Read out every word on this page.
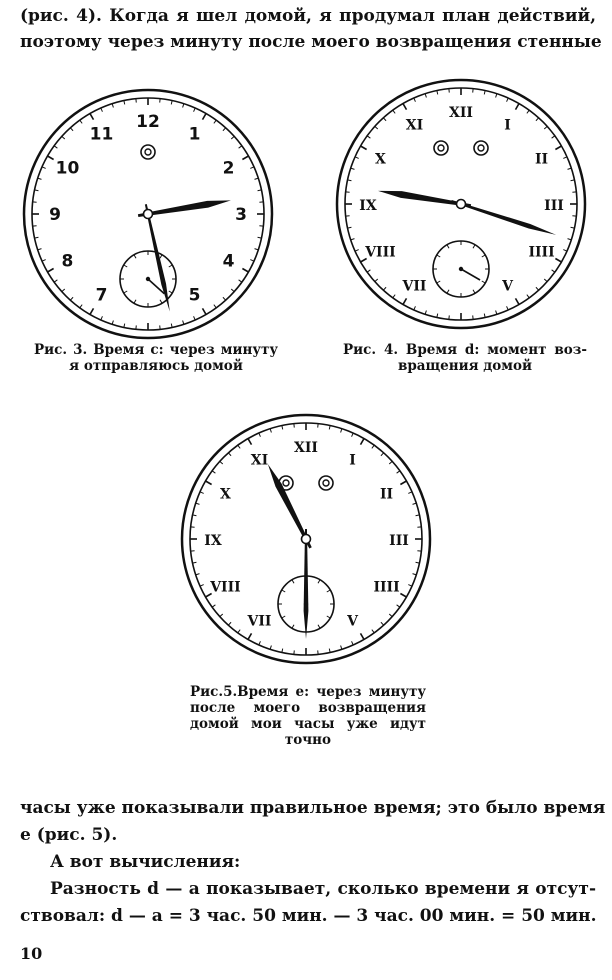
(рис. 4). Когда я шел домой, я продумал план действий,
поэтому через минуту после моего возвращения стенные
12
1
2
3
4
5
7
8
9
10
11
Рис. 3. Время c: через минуту
я отправляюсь домой
XII
I
II
III
IIII
V
VII
VIII
IX
X
XI
Рис. 4. Время d: момент воз-
вращения домой
XII
I
II
III
IIII
V
VII
VIII
IX
X
XI
Рис.5.Время e: через минуту
после моего возвращения
домой мои часы уже идут
точно
часы уже показывали правильное время; это было время
e (рис. 5).
А вот вычисления:
Разность d — a показывает, сколько времени я отсут-
ствовал: d — a = 3 час. 50 мин. — 3 час. 00 мин. = 50 мин.
10
